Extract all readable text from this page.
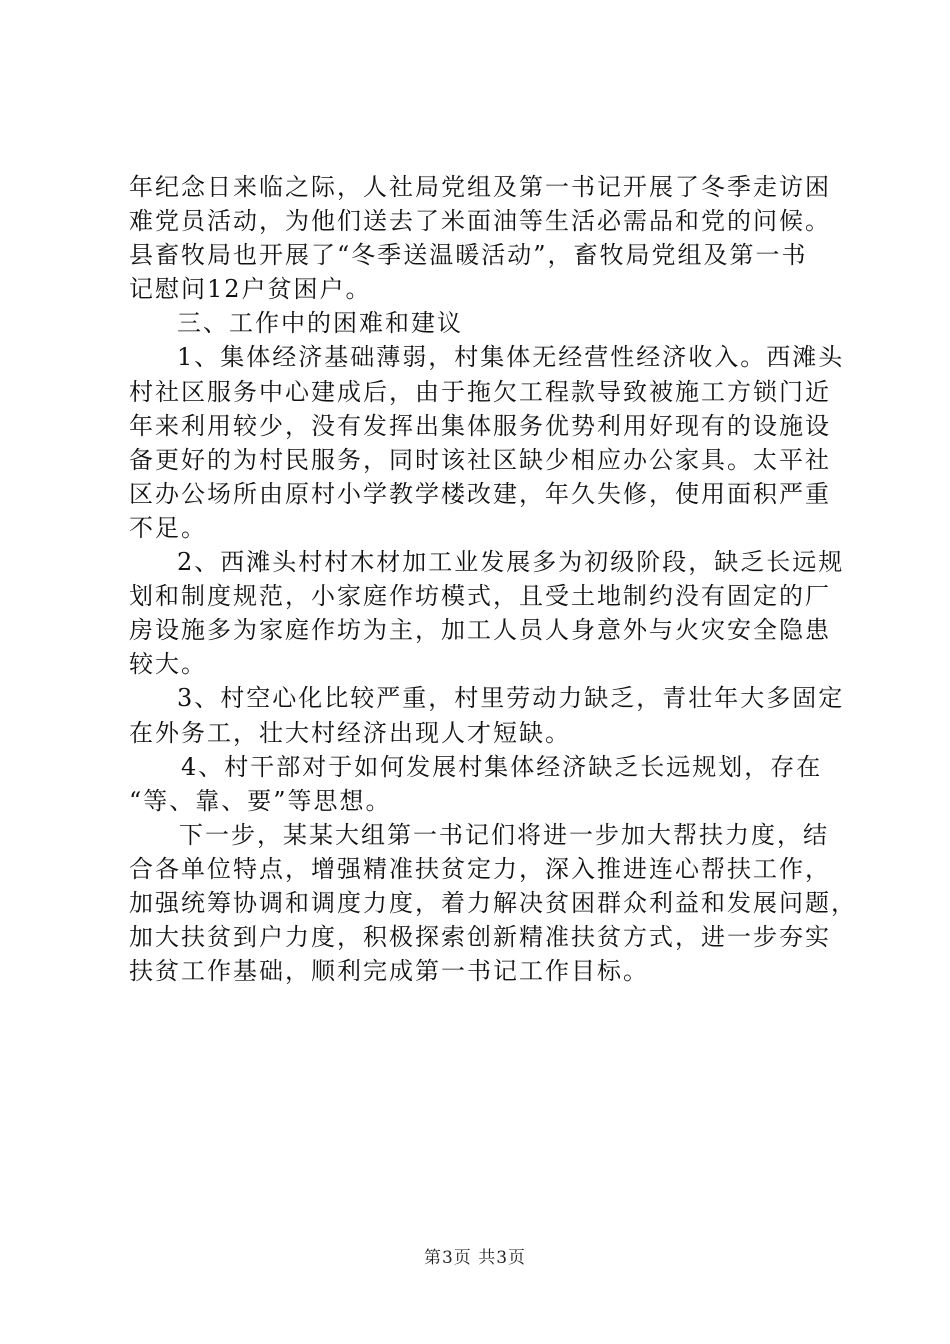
年纪念日来临之际，人社局党组及第一书记开展了冬季走访困
难党员活动，为他们送去了米面油等生活必需品和党的问候。
县畜牧局也开展了“冬季送温暖活动”，畜牧局党组及第一书
记慰问12户贫困户。
三、工作中的困难和建议
1、集体经济基础薄弱，村集体无经营性经济收入。西滩头
村社区服务中心建成后，由于拖欠工程款导致被施工方锁门近
年来利用较少，没有发挥出集体服务优势利用好现有的设施设
备更好的为村民服务，同时该社区缺少相应办公家具。太平社
区办公场所由原村小学教学楼改建，年久失修，使用面积严重
不足。
2、西滩头村村木材加工业发展多为初级阶段，缺乏长远规
划和制度规范，小家庭作坊模式，且受土地制约没有固定的厂
房设施多为家庭作坊为主，加工人员人身意外与火灾安全隐患
较大。
3、村空心化比较严重，村里劳动力缺乏，青壮年大多固定
在外务工，壮大村经济出现人才短缺。
4、村干部对于如何发展村集体经济缺乏长远规划，存在
“等、靠、要”等思想。
下一步，某某大组第一书记们将进一步加大帮扶力度，结
合各单位特点，增强精准扶贫定力，深入推进连心帮扶工作，
加强统筹协调和调度力度，着力解决贫困群众利益和发展问题，
加大扶贫到户力度，积极探索创新精准扶贫方式，进一步夯实
扶贫工作基础，顺利完成第一书记工作目标。
第3页 共3页
